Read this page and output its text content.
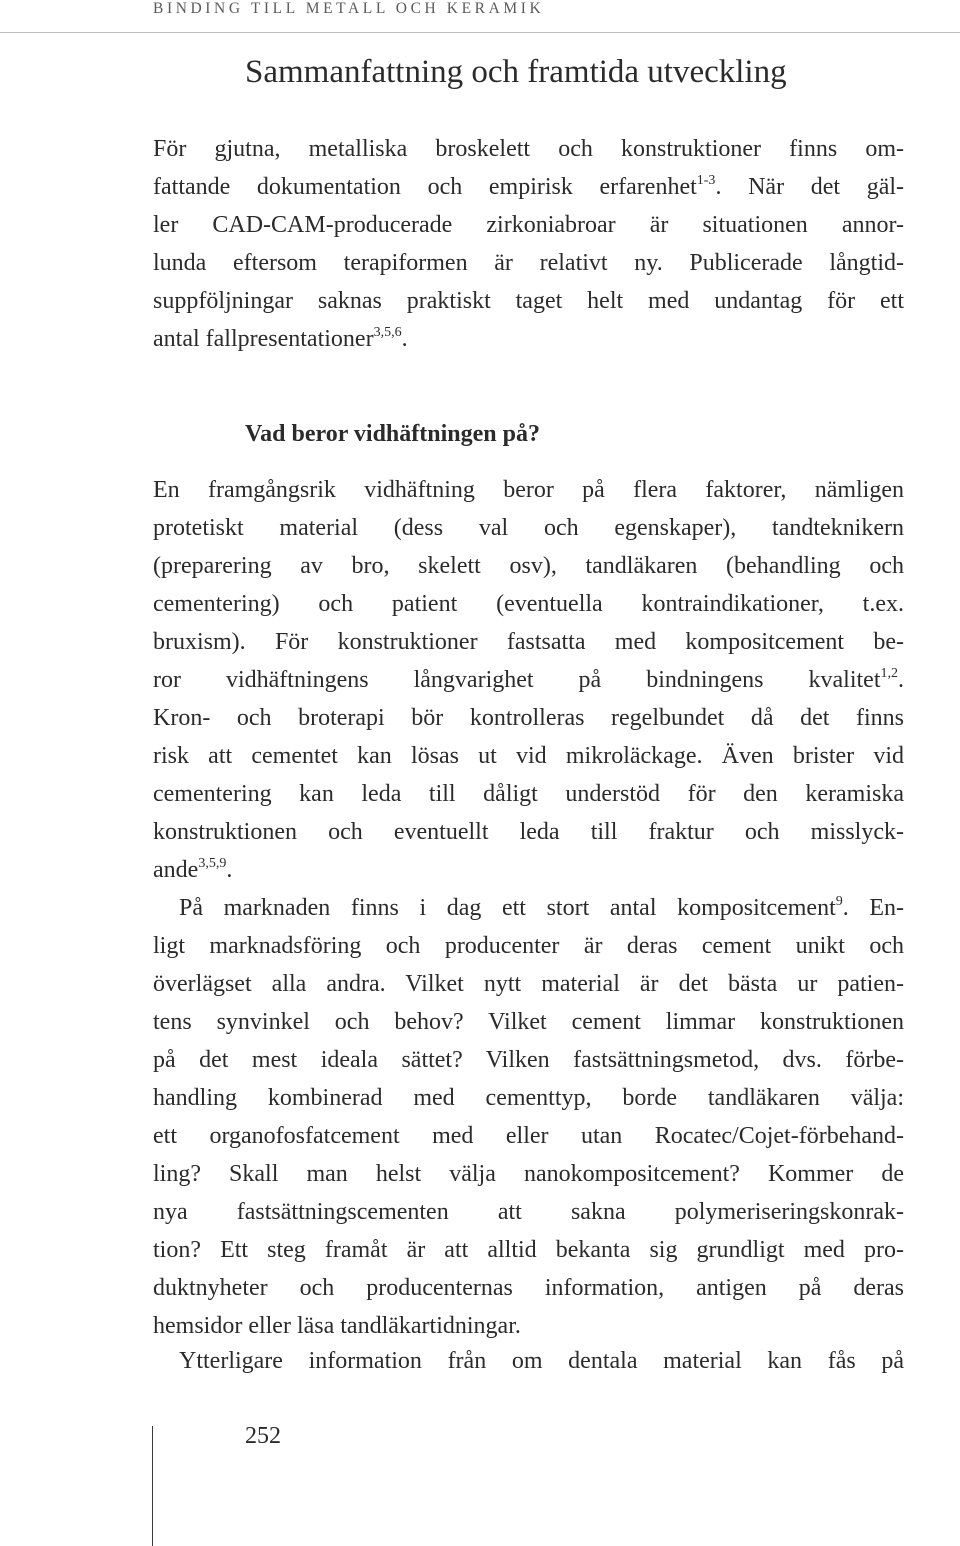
BINDING TILL METALL OCH KERAMIK
Sammanfattning och framtida utveckling
För gjutna, metalliska broskelett och konstruktioner finns om-
fattande dokumentation och empirisk erfarenhet$^{1-3}$. När det gäl-
ler CAD-CAM-producerade zirkoniabroar är situationen annor-
lunda eftersom terapiformen är relativt ny. Publicerade långtid-
suppföljningar saknas praktiskt taget helt med undantag för ett
antal fallpresentationer$^{3,5,6}$.
Vad beror vidhäftningen på?
En framgångsrik vidhäftning beror på flera faktorer, nämligen
protetiskt material (dess val och egenskaper), tandteknikern
(preparering av bro, skelett osv), tandläkaren (behandling och
cementering) och patient (eventuella kontraindikationer, t.ex.
bruxism). För konstruktioner fastsatta med kompositcement be-
ror vidhäftningens långvarighet på bindningens kvalitet$^{1,2}$.
Kron- och broterapi bör kontrolleras regelbundet då det finns
risk att cementet kan lösas ut vid mikroläckage. Även brister vid
cementering kan leda till dåligt understöd för den keramiska
konstruktionen och eventuellt leda till fraktur och misslyck-
ande$^{3,5,9}$.
På marknaden finns i dag ett stort antal kompositcement$^9$. En-
ligt marknadsföring och producenter är deras cement unikt och
överlägset alla andra. Vilket nytt material är det bästa ur patien-
tens synvinkel och behov? Vilket cement limmar konstruktionen
på det mest ideala sättet? Vilken fastsättningsmetod, dvs. förbe-
handling kombinerad med cementtyp, borde tandläkaren välja:
ett organofosfatcement med eller utan Rocatec/Cojet-förbehand-
ling? Skall man helst välja nanokompositcement? Kommer de
nya fastsättningscementen att sakna polymeriseringskonrak-
tion? Ett steg framåt är att alltid bekanta sig grundligt med pro-
duktnyheter och producenternas information, antigen på deras
hemsidor eller läsa tandläkartidningar.
Ytterligare information från om dentala material kan fås på
252
